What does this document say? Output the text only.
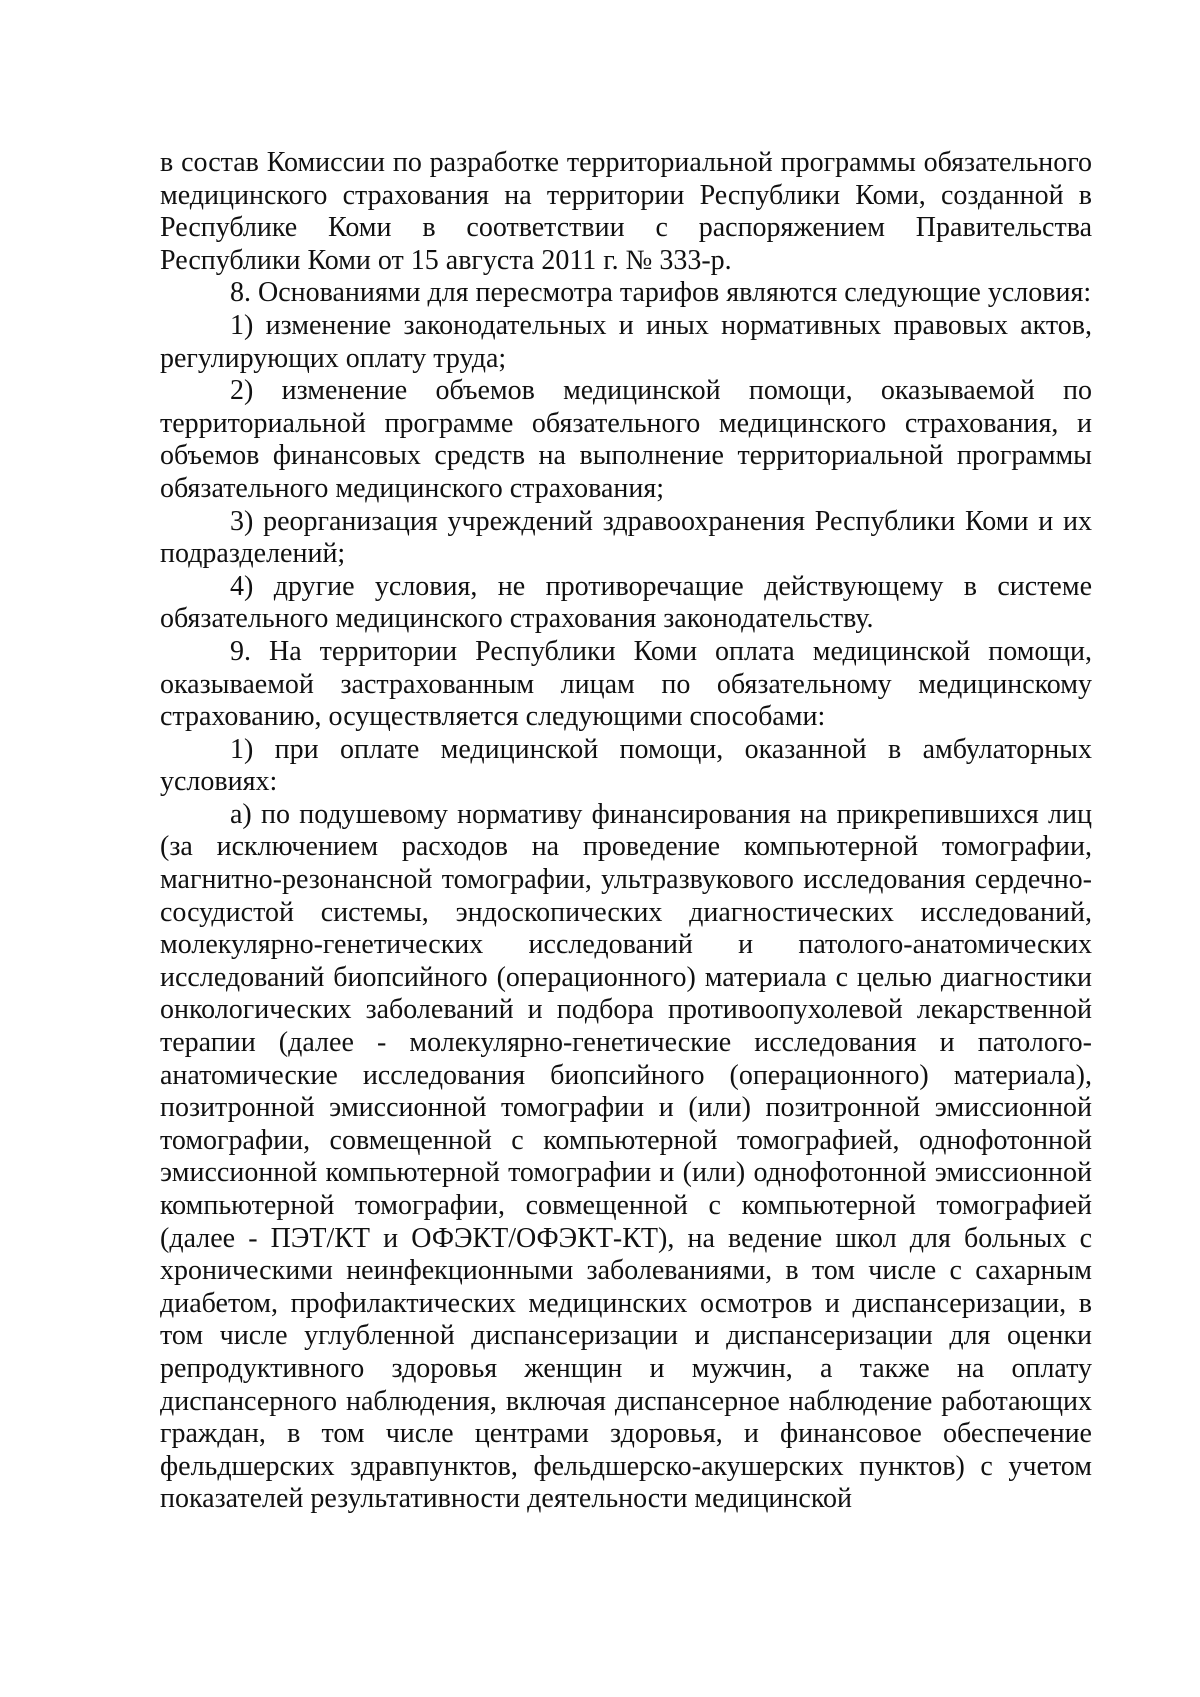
в состав Комиссии по разработке территориальной программы обязательного медицинского страхования на территории Республики Коми, созданной в Республике Коми в соответствии с распоряжением Правительства Республики Коми от 15 августа 2011 г. № 333-р.

8. Основаниями для пересмотра тарифов являются следующие условия:

1) изменение законодательных и иных нормативных правовых актов, регулирующих оплату труда;

2) изменение объемов медицинской помощи, оказываемой по территориальной программе обязательного медицинского страхования, и объемов финансовых средств на выполнение территориальной программы обязательного медицинского страхования;

3) реорганизация учреждений здравоохранения Республики Коми и их подразделений;

4) другие условия, не противоречащие действующему в системе обязательного медицинского страхования законодательству.

9. На территории Республики Коми оплата медицинской помощи, оказываемой застрахованным лицам по обязательному медицинскому страхованию, осуществляется следующими способами:

1) при оплате медицинской помощи, оказанной в амбулаторных условиях:

а) по подушевому нормативу финансирования на прикрепившихся лиц (за исключением расходов на проведение компьютерной томографии, магнитно-резонансной томографии, ультразвукового исследования сердечно-сосудистой системы, эндоскопических диагностических исследований, молекулярно-генетических исследований и патолого-анатомических исследований биопсийного (операционного) материала с целью диагностики онкологических заболеваний и подбора противоопухолевой лекарственной терапии (далее - молекулярно-генетические исследования и патолого-анатомические исследования биопсийного (операционного) материала), позитронной эмиссионной томографии и (или) позитронной эмиссионной томографии, совмещенной с компьютерной томографией, однофотонной эмиссионной компьютерной томографии и (или) однофотонной эмиссионной компьютерной томографии, совмещенной с компьютерной томографией (далее - ПЭТ/КТ и ОФЭКТ/ОФЭКТ-КТ), на ведение школ для больных с хроническими неинфекционными заболеваниями, в том числе с сахарным диабетом, профилактических медицинских осмотров и диспансеризации, в том числе углубленной диспансеризации и диспансеризации для оценки репродуктивного здоровья женщин и мужчин, а также на оплату диспансерного наблюдения, включая диспансерное наблюдение работающих граждан, в том числе центрами здоровья, и финансовое обеспечение фельдшерских здравпунктов, фельдшерско-акушерских пунктов) с учетом показателей результативности деятельности медицинской
